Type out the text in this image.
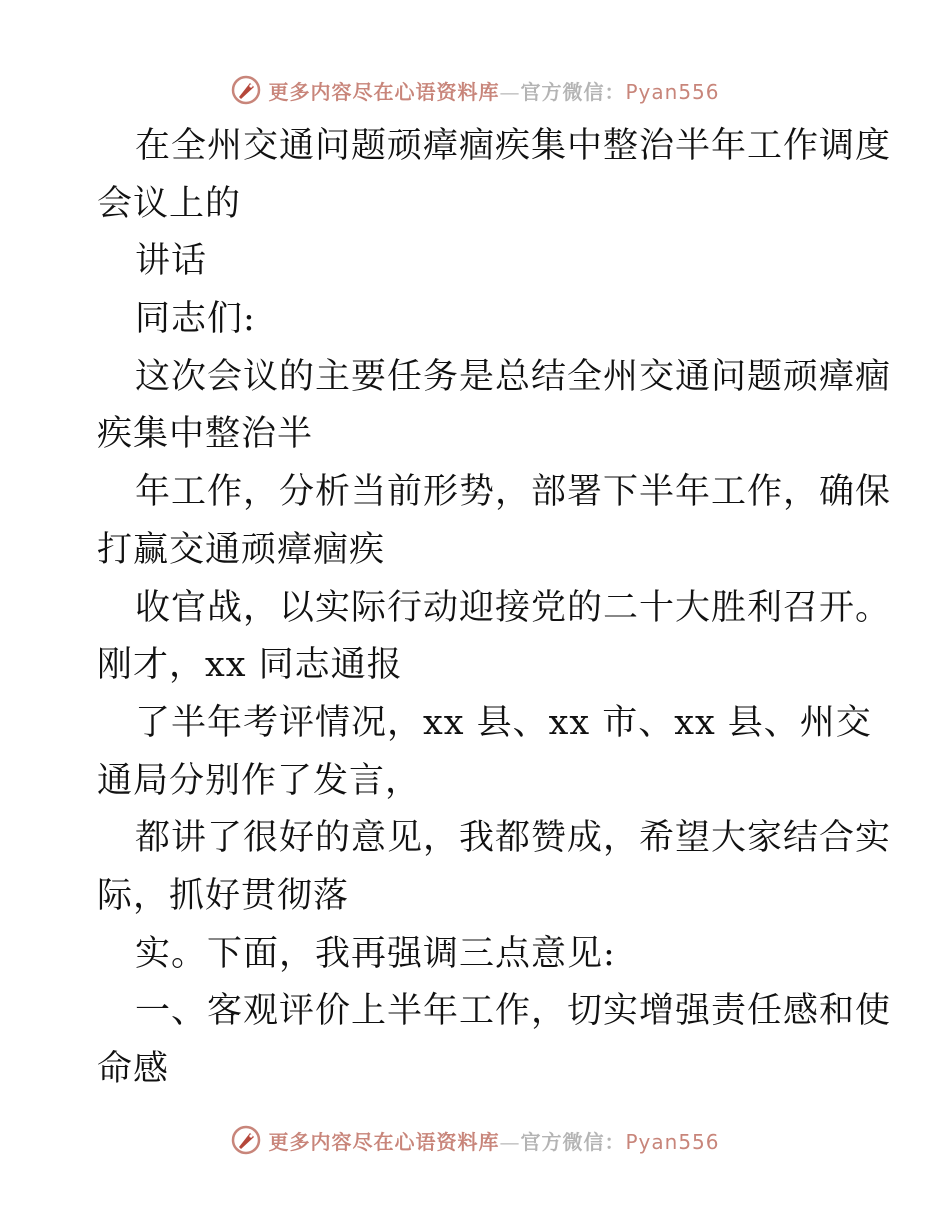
更多内容尽在心语资料库—官方微信：Pyan556
在全州交通问题顽瘴痼疾集中整治半年工作调度
会议上的
讲话
同志们:
这次会议的主要任务是总结全州交通问题顽瘴痼
疾集中整治半
年工作，分析当前形势，部署下半年工作，确保
打赢交通顽瘴痼疾
收官战，以实际行动迎接党的二十大胜利召开。
刚才，xx 同志通报
了半年考评情况，xx 县、xx 市、xx 县、州交
通局分别作了发言，
都讲了很好的意见，我都赞成，希望大家结合实
际，抓好贯彻落
实。下面，我再强调三点意见:
一、客观评价上半年工作，切实增强责任感和使
命感
更多内容尽在心语资料库—官方微信：Pyan556
